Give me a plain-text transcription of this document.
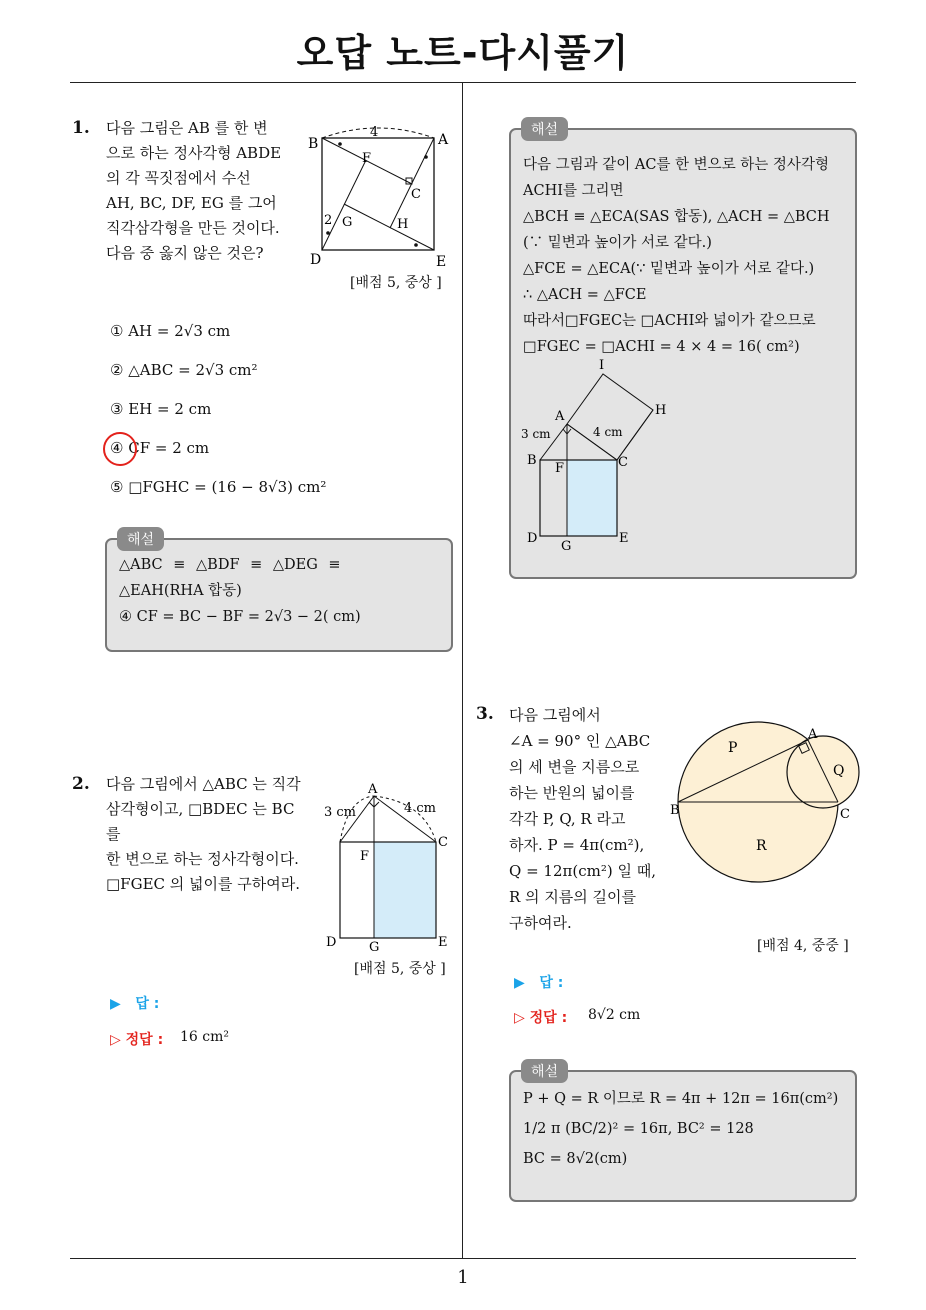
오답 노트-다시풀기
1
1. 다음 그림은 AB 를 한 변
으로 하는 정사각형 ABDE
의 각 꼭짓점에서 수선
AH, BC, DF, EG 를 그어
직각삼각형을 만든 것이다.
다음 중 옳지 않은 것은?
4
B	A
F
C
G	H
2
D	E
[배점 5, 중상 ]
① AH = 2√3 cm
② △ABC = 2√3 cm²
③ EH = 2 cm
④ CF = 2 cm
⑤ □FGHC = (16 − 8√3) cm²
△ABC ≡ △BDF ≡ △DEG ≡
△EAH(RHA 합동)
④ CF = BC − BF = 2√3 − 2( cm)
해설
2. 다음 그림에서 △ABC 는 직각
삼각형이고, □BDEC 는 BC 를
한 변으로 하는 정사각형이다.
□FGEC 의 넓이를 구하여라.
A
3 cm	4 cm
C
F
D	G	E
[배점 5, 중상 ]
▶   답 :
▷ 정답 : 16 cm²
다음 그림과 같이 AC를 한 변으로 하는 정사각형
ACHI를 그리면
△BCH ≡ △ECA(SAS 합동), △ACH = △BCH
(∵ 밑변과 높이가 서로 같다.)
△FCE = △ECA(∵ 밑변과 높이가 서로 같다.)
∴ △ACH = △FCE
따라서□FGEC는 □ACHI와 넓이가 같으므로
□FGEC = □ACHI = 4 × 4 = 16( cm²)
해설
I
H
A
3 cm	4 cm
B	C
F
D
G
E
3. 다음 그림에서
∠A = 90° 인 △ABC
의 세 변을 지름으로
하는 반원의 넓이를
각각 P, Q, R 라고
하자. P = 4π(cm²),
Q = 12π(cm²) 일 때,
R 의 지름의 길이를
구하여라.
P
A
Q
B	C
R
[배점 4, 중중 ]
▶   답 :
▷ 정답 : 8√2 cm
P + Q = R 이므로 R = 4π + 12π = 16π(cm²)
1/2 π (BC/2)² = 16π, BC² = 128
BC = 8√2(cm)
해설
